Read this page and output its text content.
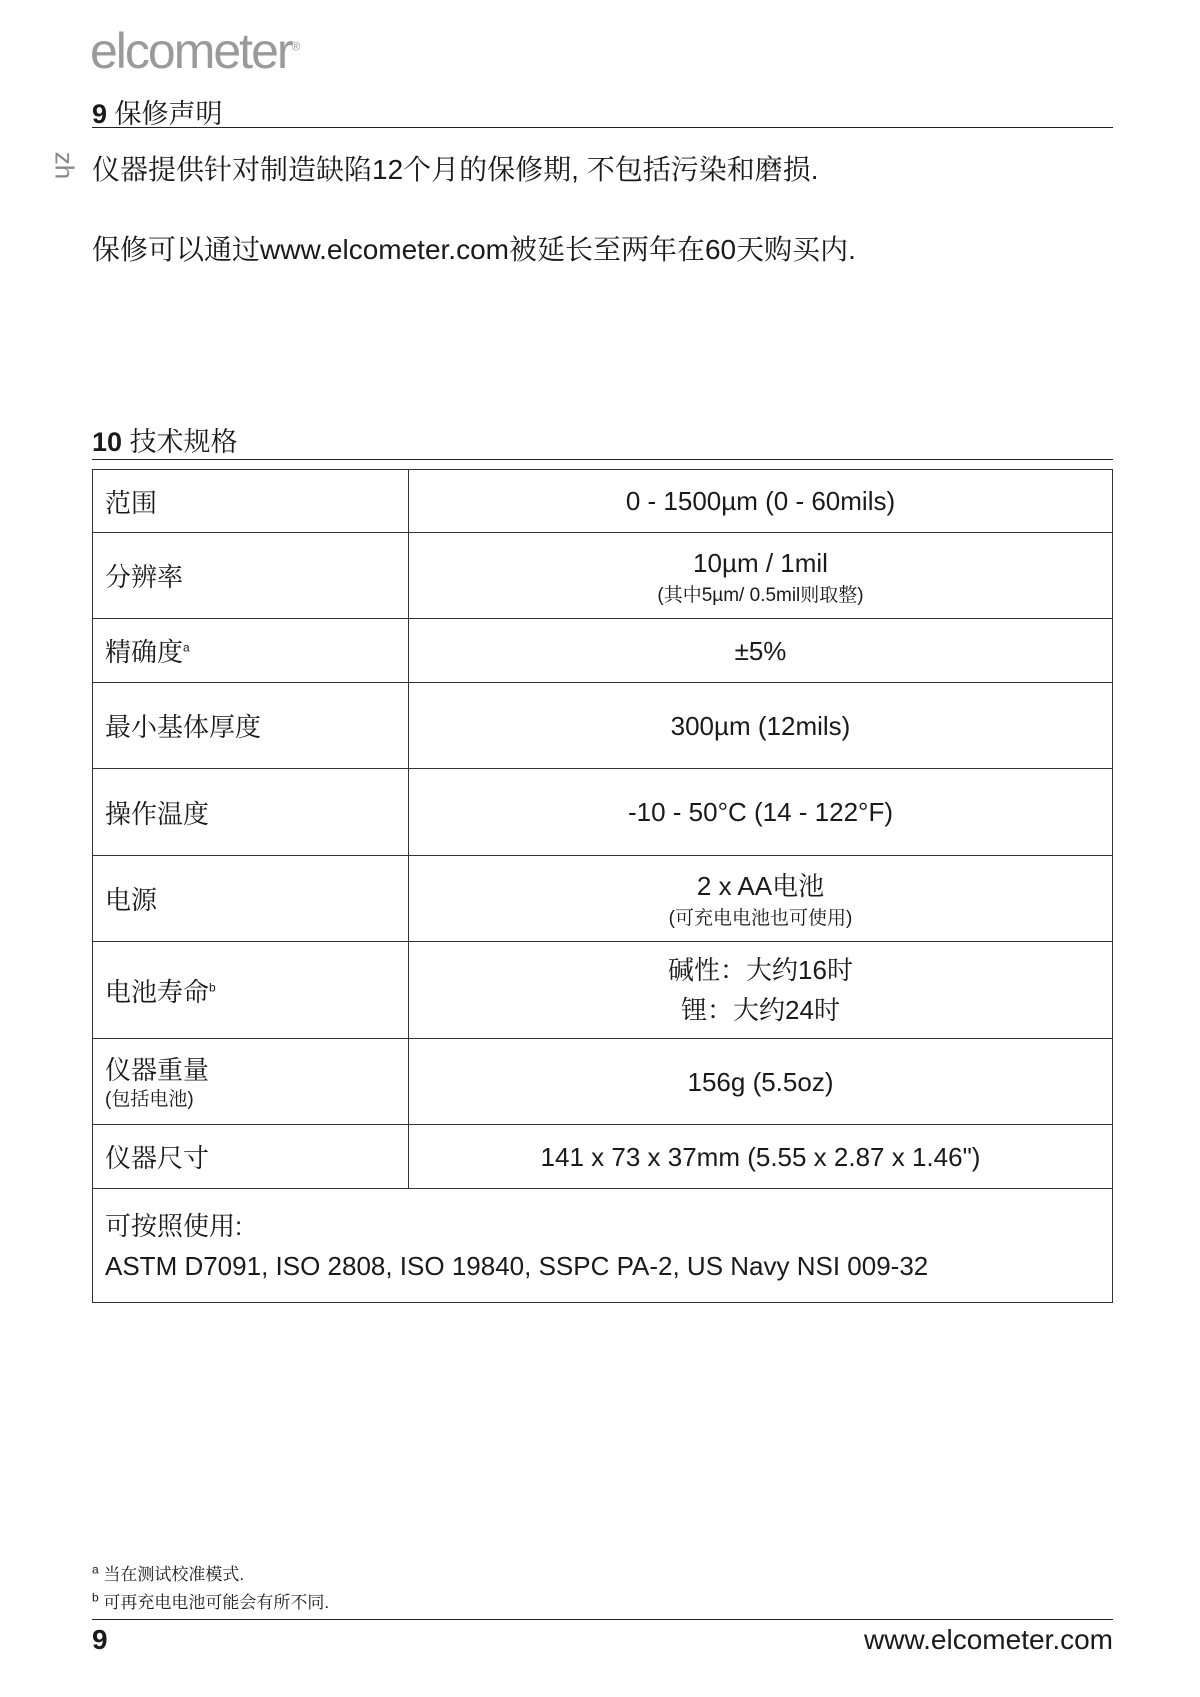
elcometer®
9 保修声明
zh 仪器提供针对制造缺陷12个月的保修期, 不包括污染和磨损.
保修可以通过www.elcometer.com被延长至两年在60天购买内.
10 技术规格
范围	0 - 1500µm (0 - 60mils)
分辨率	10µm / 1mil
(其中5µm/ 0.5mil则取整)

精确度$^a$	±5%
最小基体厚度	300µm (12mils)
操作温度	-10 - 50°C (14 - 122°F)
电源	2 x AA电池
(可充电电池也可使用)

电池寿命$^b$	碱性：大约16时
锂：大约24时

仪器重量
(包括电池)	156g (5.5oz)
仪器尺寸	141 x 73 x 37mm (5.55 x 2.87 x 1.46")

可按照使用:
ASTM D7091, ISO 2808, ISO 19840, SSPC PA-2, US Navy NSI 009-32	
$^a$ 当在测试校准模式.
$^b$ 可再充电电池可能会有所不同.
9	www.elcometer.com
